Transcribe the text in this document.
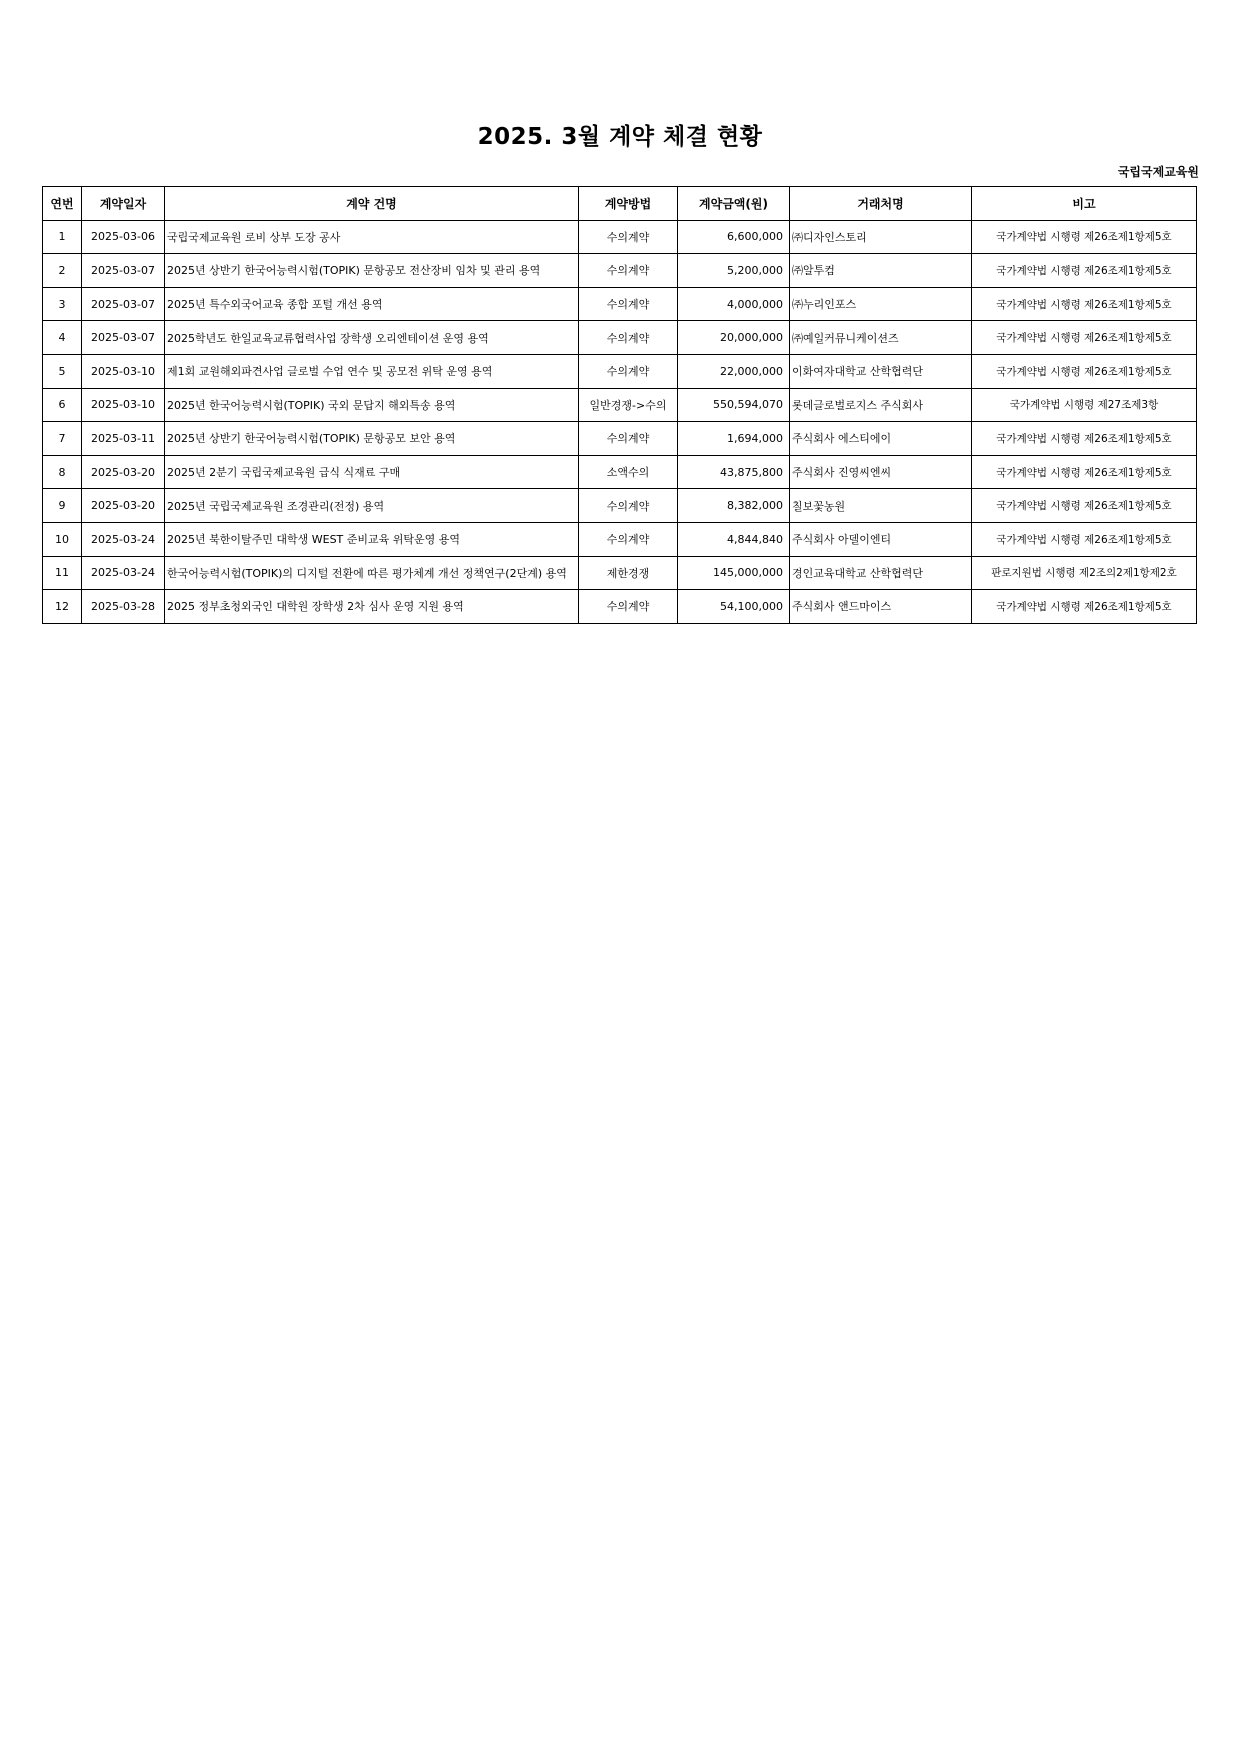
2025. 3월 계약 체결 현황
국립국제교육원
연번	계약일자	계약 건명	계약방법	계약금액(원)	거래처명	비고
1	2025-03-06	국립국제교육원 로비 상부 도장 공사	수의계약	6,600,000	㈜디자인스토리	국가계약법 시행령 제26조제1항제5호
2	2025-03-07	2025년 상반기 한국어능력시험(TOPIK) 문항공모 전산장비 임차 및 관리 용역	수의계약	5,200,000	㈜알투컴	국가계약법 시행령 제26조제1항제5호
3	2025-03-07	2025년 특수외국어교육 종합 포털 개선 용역	수의계약	4,000,000	㈜누리인포스	국가계약법 시행령 제26조제1항제5호
4	2025-03-07	2025학년도 한일교육교류협력사업 장학생 오리엔테이션 운영 용역	수의계약	20,000,000	㈜예일커뮤니케이션즈	국가계약법 시행령 제26조제1항제5호
5	2025-03-10	제1회 교원해외파견사업 글로벌 수업 연수 및 공모전 위탁 운영 용역	수의계약	22,000,000	이화여자대학교 산학협력단	국가계약법 시행령 제26조제1항제5호
6	2025-03-10	2025년 한국어능력시험(TOPIK) 국외 문답지 해외특송 용역	일반경쟁->수의	550,594,070	롯데글로벌로지스 주식회사	국가계약법 시행령 제27조제3항
7	2025-03-11	2025년 상반기 한국어능력시험(TOPIK) 문항공모 보안 용역	수의계약	1,694,000	주식회사 에스티에이	국가계약법 시행령 제26조제1항제5호
8	2025-03-20	2025년 2분기 국립국제교육원 급식 식재료 구매	소액수의	43,875,800	주식회사 진영씨엔씨	국가계약법 시행령 제26조제1항제5호
9	2025-03-20	2025년 국립국제교육원 조경관리(전정) 용역	수의계약	8,382,000	칠보꽃농원	국가계약법 시행령 제26조제1항제5호
10	2025-03-24	2025년 북한이탈주민 대학생 WEST 준비교육 위탁운영 용역	수의계약	4,844,840	주식회사 아델이엔티	국가계약법 시행령 제26조제1항제5호
11	2025-03-24	한국어능력시험(TOPIK)의 디지털 전환에 따른 평가체계 개선 정책연구(2단계) 용역	제한경쟁	145,000,000	경인교육대학교 산학협력단	판로지원법 시행령 제2조의2제1항제2호
12	2025-03-28	2025 정부초청외국인 대학원 장학생 2차 심사 운영 지원 용역	수의계약	54,100,000	주식회사 앤드마이스	국가계약법 시행령 제26조제1항제5호
